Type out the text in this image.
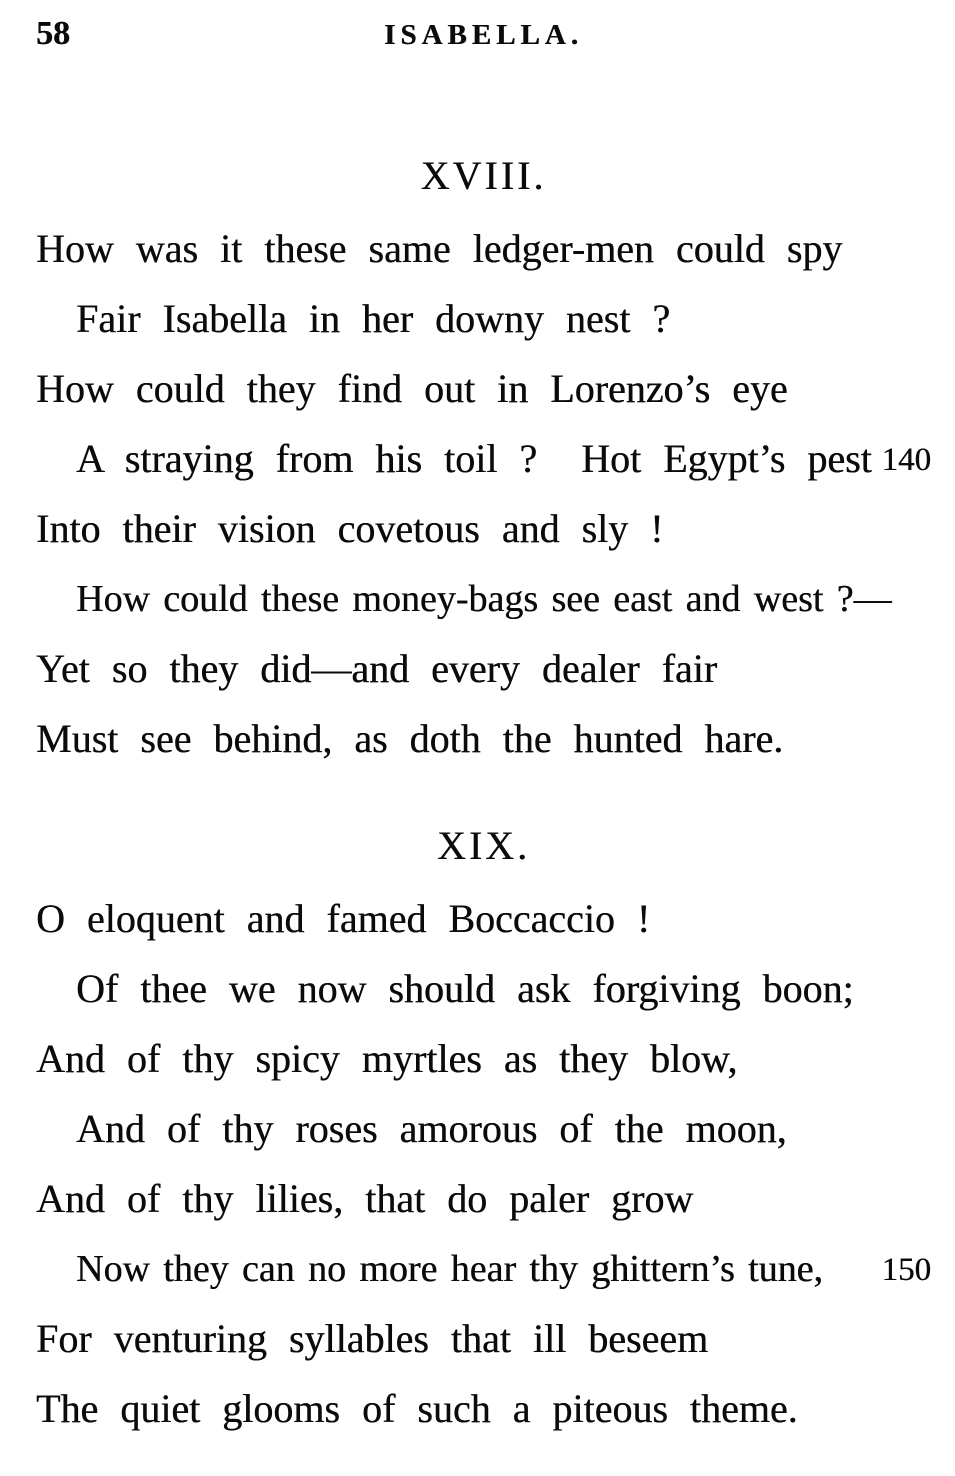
58	ISABELLA.
XVIII.
How was it these same ledger-men could spy
Fair Isabella in her downy nest ?
How could they find out in Lorenzo’s eye
A straying from his toil ?  Hot Egypt’s pest 140
Into their vision covetous and sly !
How could these money-bags see east and west ?—
Yet so they did—and every dealer fair
Must see behind, as doth the hunted hare.
XIX.
O eloquent and famed Boccaccio !
Of thee we now should ask forgiving boon;
And of thy spicy myrtles as they blow,
And of thy roses amorous of the moon,
And of thy lilies, that do paler grow
Now they can no more hear thy ghittern’s tune, 150
For venturing syllables that ill beseem
The quiet glooms of such a piteous theme.
